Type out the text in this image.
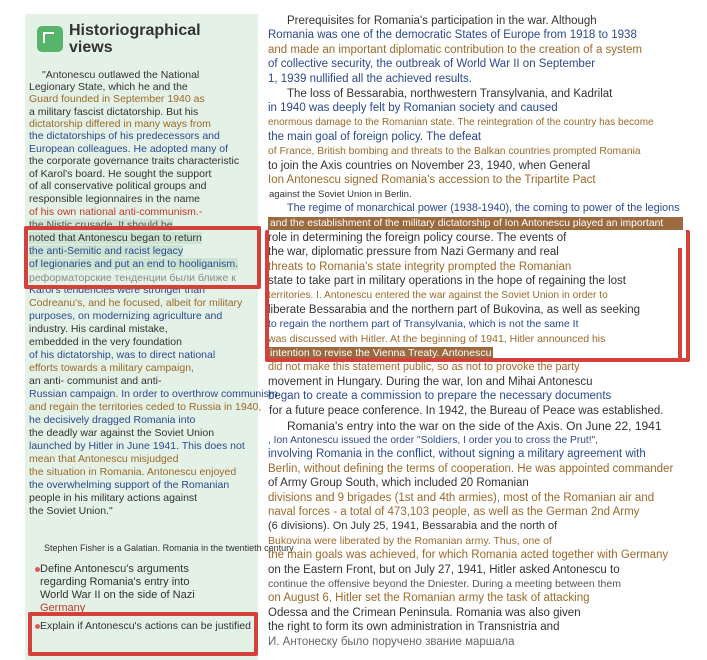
Historiographical
views
"Antonescu outlawed the National
Legionary State, which he and the
Guard founded in September 1940 as
a military fascist dictatorship. But his
dictatorship differed in many ways from
the dictatorships of his predecessors and
European colleagues. He adopted many of
the corporate governance traits characteristic
of Karol's board. He sought the support
of all conservative political groups and
responsible legionnaires in the name
of his own national anti-communism.-
the Nistic crusade. It should be
noted that Antonescu began to return
the anti-Semitic and racist legacy
of legionaries and put an end to hooliganism.
реформаторские тенденции были ближе к
Karol's tendencies were stronger than
Codreanu's, and he focused, albeit for military
purposes, on modernizing agriculture and
industry. His cardinal mistake,
embedded in the very foundation
of his dictatorship, was to direct national
efforts towards a military campaign,
an anti- communist and anti-
Russian campaign. In order to overthrow communism
and regain the territories ceded to Russia in 1940,
he decisively dragged Romania into
the deadly war against the Soviet Union
launched by Hitler in June 1941. This does not
mean that Antonescu misjudged
the situation in Romania. Antonescu enjoyed
the overwhelming support of the Romanian
people in his military actions against
the Soviet Union."
Stephen Fisher is a Galatian. Romania in the twentieth century
Define Antonescu's arguments
regarding Romania's entry into
World War II on the side of Nazi
Germany
Explain if Antonescu's actions can be justified
Prerequisites for Romania's participation in the war. Although
Romania was one of the democratic States of Europe from 1918 to 1938
and made an important diplomatic contribution to the creation of a system
of collective security, the outbreak of World War II on September
1, 1939 nullified all the achieved results.
The loss of Bessarabia, northwestern Transylvania, and Kadrilat
in 1940 was deeply felt by Romanian society and caused
enormous damage to the Romanian state. The reintegration of the country has become
the main goal of foreign policy. The defeat
of France, British bombing and threats to the Balkan countries prompted Romania
to join the Axis countries on November 23, 1940, when General
Ion Antonescu signed Romania's accession to the Tripartite Pact
against the Soviet Union in Berlin.
The regime of monarchical power (1938-1940), the coming to power of the legions
and the establishment of the military dictatorship of Ion Antonescu played an important
role in determining the foreign policy course. The events of
the war, diplomatic pressure from Nazi Germany and real
threats to Romania's state integrity prompted the Romanian
state to take part in military operations in the hope of regaining the lost
territories. I. Antonescu entered the war against the Soviet Union in order to
liberate Bessarabia and the northern part of Bukovina, as well as seeking
to regain the northern part of Transylvania, which is not the same It
was discussed with Hitler. At the beginning of 1941, Hitler announced his
intention to revise the Vienna Treaty. Antonescu
did not make this statement public, so as not to provoke the party
movement in Hungary. During the war, Ion and Mihai Antonescu
began to create a commission to prepare the necessary documents
for a future peace conference. In 1942, the Bureau of Peace was established.
Romania's entry into the war on the side of the Axis. On June 22, 1941
, Ion Antonescu issued the order "Soldiers, I order you to cross the Prut!",
involving Romania in the conflict, without signing a military agreement with
Berlin, without defining the terms of cooperation. He was appointed commander
of Army Group South, which included 20 Romanian
divisions and 9 brigades (1st and 4th armies), most of the Romanian air and
naval forces - a total of 473,103 people, as well as the German 2nd Army
(6 divisions). On July 25, 1941, Bessarabia and the north of
Bukovina were liberated by the Romanian army. Thus, one of
the main goals was achieved, for which Romania acted together with Germany
on the Eastern Front, but on July 27, 1941, Hitler asked Antonescu to
continue the offensive beyond the Dniester. During a meeting between them
on August 6, Hitler set the Romanian army the task of attacking
Odessa and the Crimean Peninsula. Romania was also given
the right to form its own administration in Transnistria and
И. Антонеску было поручено звание маршала
